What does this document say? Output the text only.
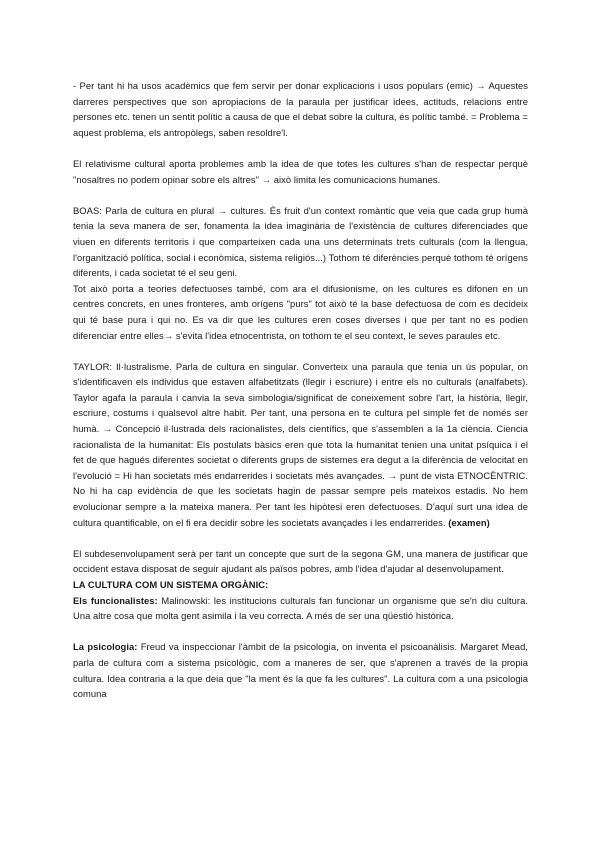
- Per tant hi ha usos acadèmics que fem servir per donar explicacions i usos populars (emic) → Aquestes darreres perspectives que son apropiacions de la paraula per justificar idees, actituds, relacions entre persones etc. tenen un sentit polític a causa de que el debat sobre la cultura, és polític també. = Problema = aquest problema, els antropòlegs, saben resoldre'l.

El relativisme cultural aporta problemes amb la idea de que totes les cultures s'han de respectar perquè "nosaltres no podem opinar sobre els altres" → això limita les comunicacions humanes.

BOAS: Parla de cultura en plural → cultures. És fruit d'un context romàntic que veia que cada grup humà tenia la seva manera de ser, fonamenta la idea imaginària de l'existència de cultures diferenciades que viuen en diferents territoris i que comparteixen cada una uns determinats trets culturals (com la llengua, l'organització política, social i econòmica, sistema religiós...) Tothom té diferències perquè tothom té orígens diferents, i cada societat té el seu geni.

Tot això porta a teories defectuoses també, com ara el difusionisme, on les cultures es difonen en un centres concrets, en unes fronteres, amb orígens "purs" tot això té la base defectuosa de com es decideix qui té base pura i qui no. Es va dir que les cultures eren coses diverses i que per tant no es podien diferenciar entre elles→ s'evita l'idea etnocentrista, on tothom te el seu context, le seves paraules etc.

TAYLOR: Il·lustralisme. Parla de cultura en singular. Converteix una paraula que tenia un ús popular, on s'identificaven els individus que estaven alfabetitzats (llegir i escriure) i entre els no culturals (analfabets). Taylor agafa la paraula i canvia la seva simbologia/significat de coneixement sobre l'art, la història, llegir, escriure, costums i qualsevol altre habit. Per tant, una persona en te cultura pel simple fet de només ser humà. → Concepció il·lustrada dels racionalistes, dels científics, que s'assemblen a la 1a ciència. Ciencia racionalista de la humanitat: Els postulats bàsics eren que tota la humanitat tenien una unitat psíquica i el fet de que hagués diferentes societat o diferents grups de sistemes era degut a la diferència de velocitat en l'evolució = Hi han societats més endarrerides i societats més avançades. → punt de vista ETNOCÈNTRIC. No hi ha cap evidència de que les societats hagin de passar sempre pels mateixos estadis. No hem evolucionar sempre a la mateixa manera. Per tant les hipòtesi eren defectuoses. D'aquí surt una idea de cultura quantificable, on el fi era decidir sobre les societats avançades i les endarrerides. (examen)

El subdesenvolupament serà per tant un concepte que surt de la segona GM, una manera de justificar que occident estava disposat de seguir ajudant als països pobres, amb l'idea d'ajudar al desenvolupament.

LA CULTURA COM UN SISTEMA ORGÀNIC:

Els funcionalistes: Malinowski: les institucions culturals fan funcionar un organisme que se'n diu cultura. Una altre cosa que molta gent asimila i la veu correcta. A més de ser una qüestió històrica.

La psicologia: Freud va inspeccionar l'àmbit de la psicologia, on inventa el psicoanàlisis. Margaret Mead, parla de cultura com a sistema psicològic, com a maneres de ser, que s'aprenen a través de la propia cultura. Idea contraria a la que deia que "la ment és la que fa les cultures". La cultura com a una psicologia comuna
